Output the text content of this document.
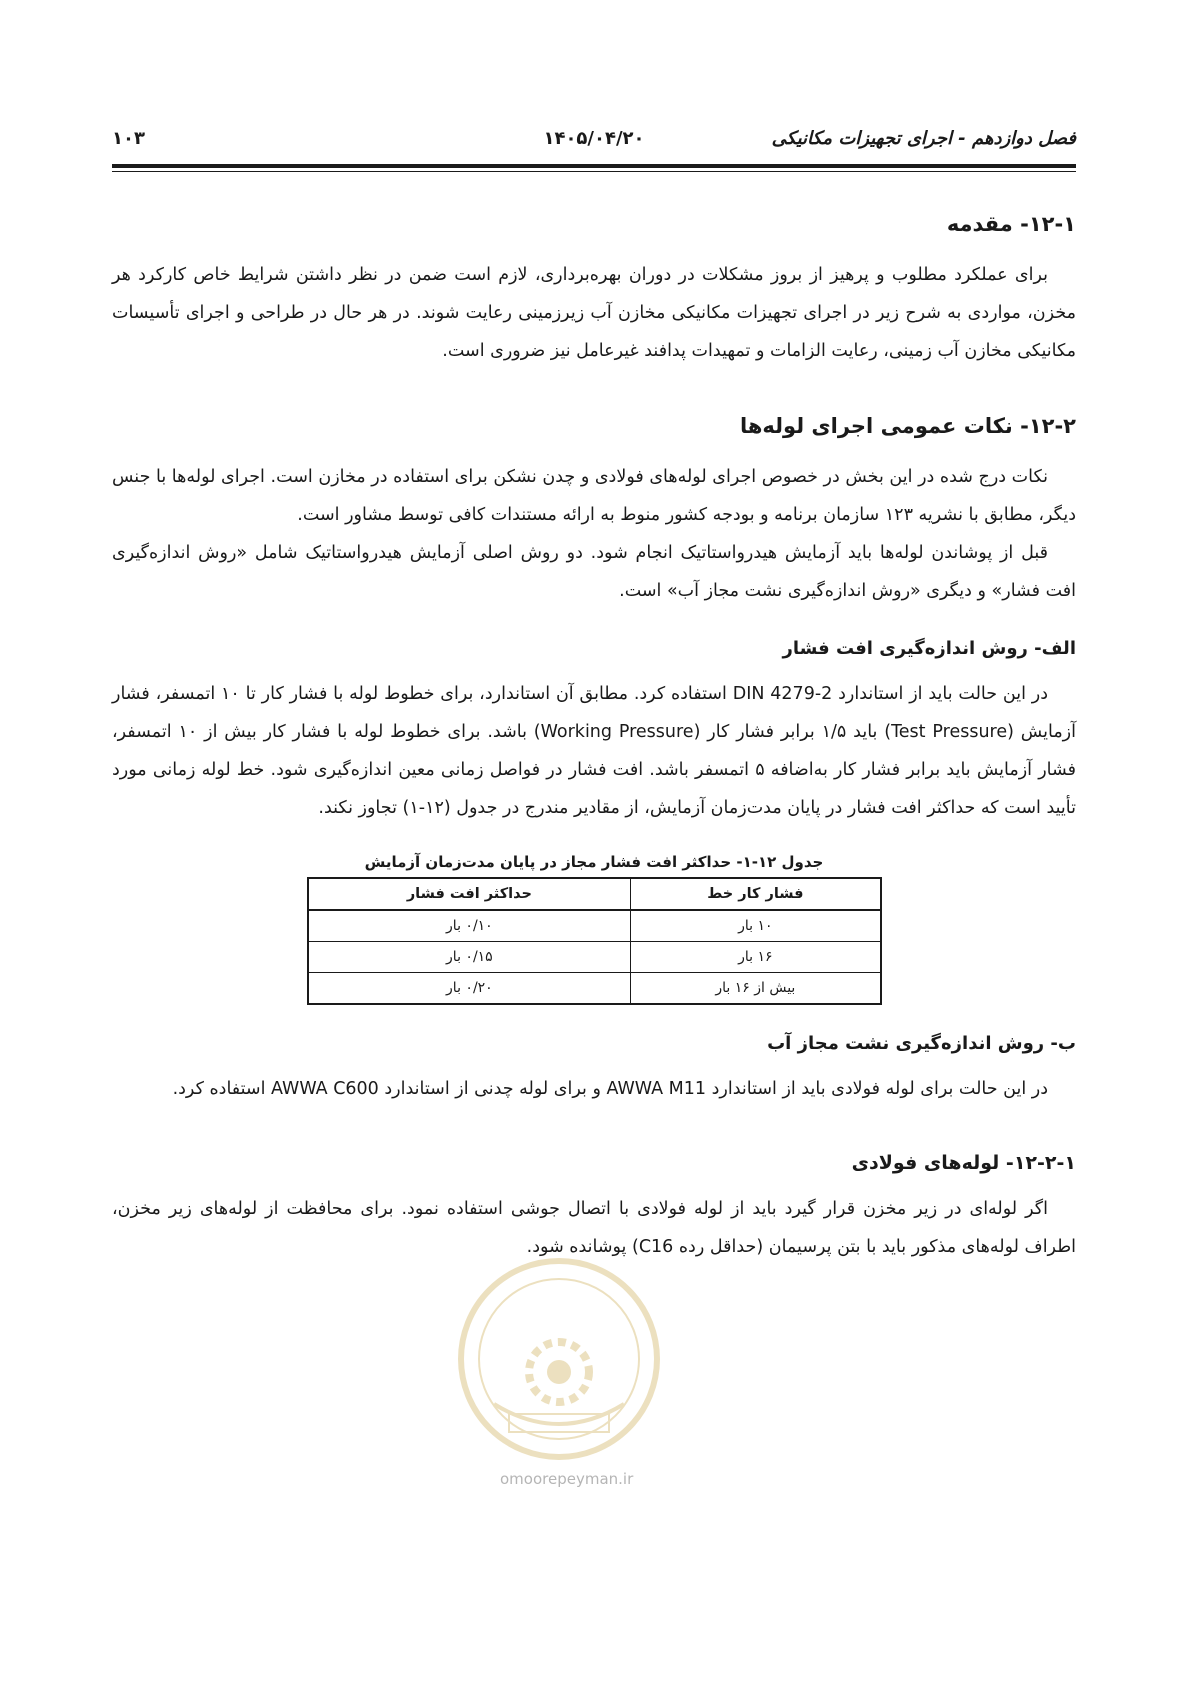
فصل دوازدهم - اجرای تجهیزات مکانیکی
۱۴۰۵/۰۴/۲۰
۱۰۳
۱۲-۱- مقدمه

برای عملکرد مطلوب و پرهیز از بروز مشکلات در دوران بهره‌برداری، لازم است ضمن در نظر داشتن شرایط خاص کارکرد هر مخزن، مواردی به شرح زیر در اجرای تجهیزات مکانیکی مخازن آب زیرزمینی رعایت شوند. در هر حال در طراحی و اجرای تأسیسات مکانیکی مخازن آب زمینی، رعایت الزامات و تمهیدات پدافند غیرعامل نیز ضروری است.

۱۲-۲- نکات عمومی اجرای لوله‌ها

نکات درج شده در این بخش در خصوص اجرای لوله‌های فولادی و چدن نشکن برای استفاده در مخازن است. اجرای لوله‌ها با جنس دیگر، مطابق با نشریه ۱۲۳ سازمان برنامه و بودجه کشور منوط به ارائه مستندات کافی توسط مشاور است.

قبل از پوشاندن لوله‌ها باید آزمایش هیدرواستاتیک انجام شود. دو روش اصلی آزمایش هیدرواستاتیک شامل «روش اندازه‌گیری افت فشار» و دیگری «روش اندازه‌گیری نشت مجاز آب» است.

الف- روش اندازه‌گیری افت فشار

در این حالت باید از استاندارد DIN 4279-2 استفاده کرد. مطابق آن استاندارد، برای خطوط لوله با فشار کار تا ۱۰ اتمسفر، فشار آزمایش (Test Pressure) باید ۱/۵ برابر فشار کار (Working Pressure) باشد. برای خطوط لوله با فشار کار بیش از ۱۰ اتمسفر، فشار آزمایش باید برابر فشار کار به‌اضافه ۵ اتمسفر باشد. افت فشار در فواصل زمانی معین اندازه‌گیری شود. خط لوله زمانی مورد تأیید است که حداکثر افت فشار در پایان مدت‌زمان آزمایش، از مقادیر مندرج در جدول (۱۲-۱) تجاوز نکند.

جدول ۱۲-۱- حداکثر افت فشار مجاز در پایان مدت‌زمان آزمایش
فشار کار خط	حداکثر افت فشار
۱۰ بار	۰/۱۰ بار
۱۶ بار	۰/۱۵ بار
بیش از ۱۶ بار	۰/۲۰ بار
ب- روش اندازه‌گیری نشت مجاز آب

در این حالت برای لوله فولادی باید از استاندارد AWWA M11 و برای لوله چدنی از استاندارد AWWA C600 استفاده کرد.

۱۲-۲-۱- لوله‌های فولادی

اگر لوله‌ای در زیر مخزن قرار گیرد باید از لوله فولادی با اتصال جوشی استفاده نمود. برای محافظت از لوله‌های زیر مخزن، اطراف لوله‌های مذکور باید با بتن پرسیمان (حداقل رده C16) پوشانده شود.

omoorepeyman.ir
